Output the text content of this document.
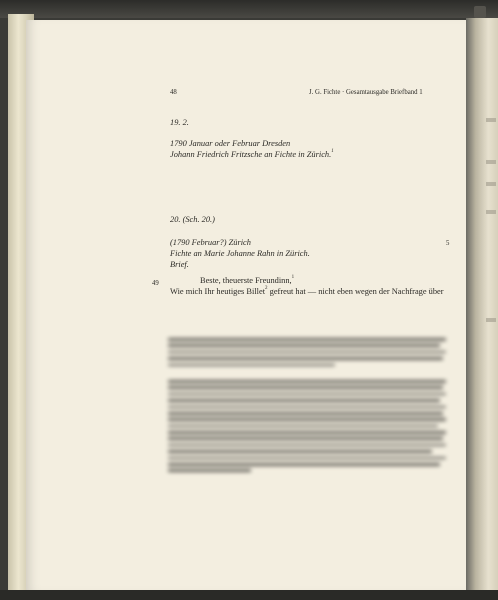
48	J. G. Fichte · Gesamtausgabe Briefband 1
19. 2.
1790 Januar oder Februar Dresden
Johann Friedrich Fritzsche an Fichte in Zürich.$^1$
20. (Sch. 20.)
(1790 Februar?) Zürich
Fichte an Marie Johanne Rahn in Zürich.
Brief.
5
49	Beste, theuerste Freundinn,$^1$
Wie mich Ihr heutiges Billet$^2$ gefreut hat — nicht eben wegen der Nachfrage über
